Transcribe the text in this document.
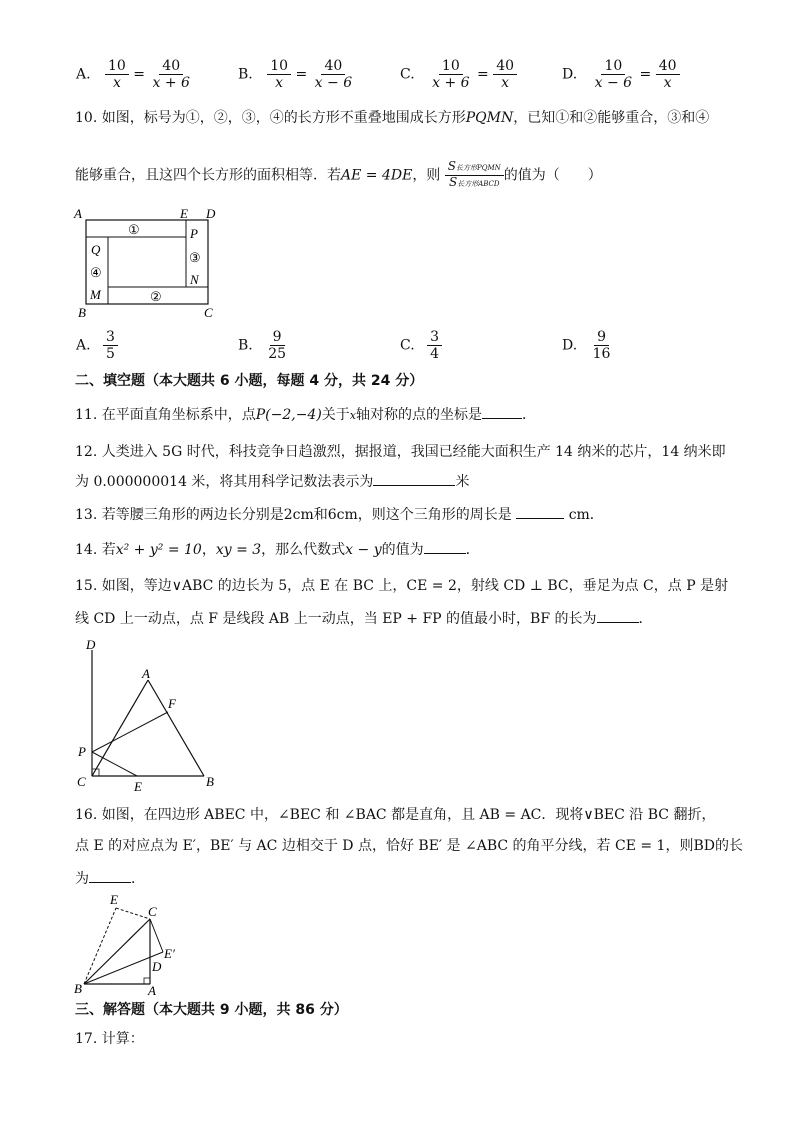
A. $\frac{10}{x} = \frac{40}{x + 6}$	B. $\frac{10}{x} = \frac{40}{x - 6}$	C. $\frac{10}{x + 6} = \frac{40}{x}$	D. $\frac{10}{x - 6} = \frac{40}{x}$
10. 如图，标号为①，②，③，④的长方形不重叠地围成长方形PQMN，已知①和②能够重合，③和④
能够重合，且这四个长方形的面积相等．若AE = 4DE，则 $\frac{\text{S长方形PQMN}}{\text{S长方形ABCD}}$ 的值为（　　）
A	E D
B	C
P
Q
M
N
①
②
③
④
A. $\frac{3}{5}$	B. $\frac{9}{25}$	C. $\frac{3}{4}$	D. $\frac{9}{16}$
二、填空题（本大题共 6 小题，每题 4 分，共 24 分）
11. 在平面直角坐标系中，点P(−2,−4)关于x轴对称的点的坐标是	．
12. 人类进入 5G 时代，科技竞争日趋激烈，据报道，我国已经能大面积生产 14 纳米的芯片，14 纳米即
为 0.000000014 米，将其用科学记数法表示为	米
13. 若等腰三角形的两边长分别是2cm和6cm，则这个三角形的周长是	cm．
14. 若x² + y² = 10，xy = 3，那么代数式x − y的值为	．
15. 如图，等边∨ABC 的边长为 5，点 E 在 BC 上，CE = 2，射线 CD ⊥ BC，垂足为点 C，点 P 是射
线 CD 上一动点，点 F 是线段 AB 上一动点，当 EP + FP 的值最小时，BF 的长为	．
D
A
F
P
C	E	B
16. 如图，在四边形 ABEC 中，∠BEC 和 ∠BAC 都是直角，且 AB = AC．现将∨BEC 沿 BC 翻折，
点 E 的对应点为 E′，BE′ 与 AC 边相交于 D 点，恰好 BE′ 是 ∠ABC 的角平分线，若 CE = 1，则BD的长
为	．
E
C
E′
D
B	A
三、解答题（本大题共 9 小题，共 86 分）
17. 计算：
